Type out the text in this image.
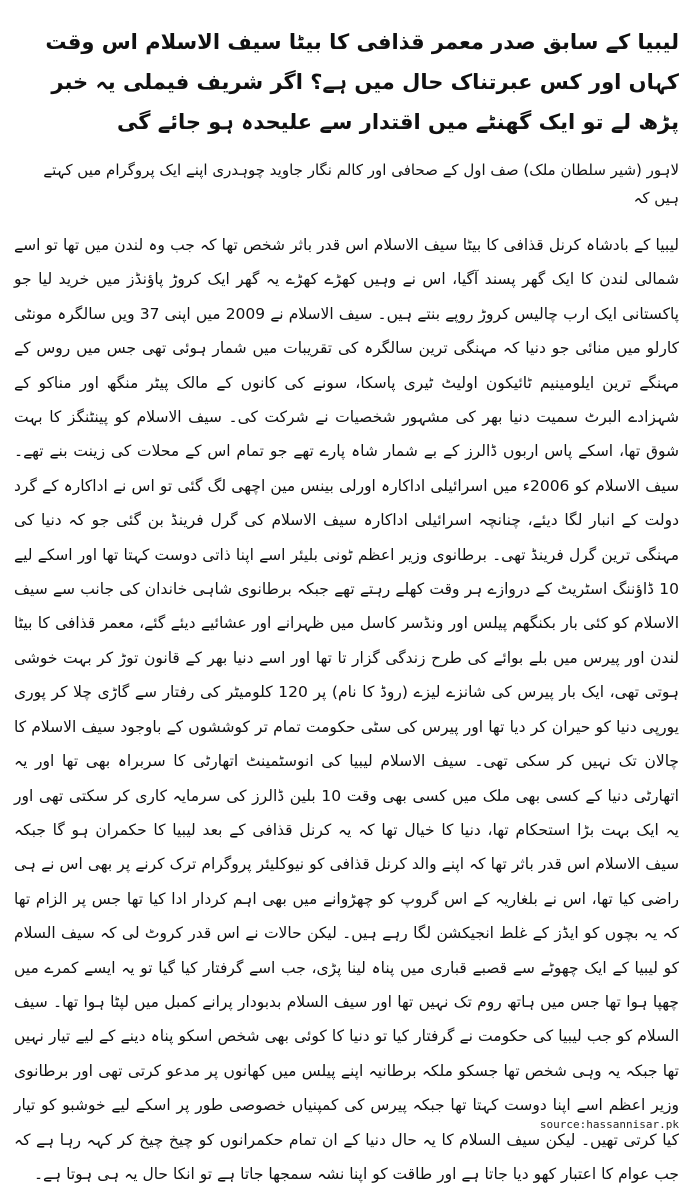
لیبیا کے سابق صدر معمر قذافی کا بیٹا سیف الاسلام اس وقت کہاں اور کس عبرتناک حال میں ہے؟ اگر شریف فیملی یہ خبر پڑھ لے تو ایک گھنٹے میں اقتدار سے علیحدہ ہو جائے گی

لاہور (شیر سلطان ملک) صف اول کے صحافی اور کالم نگار جاوید چوہدری اپنے ایک پروگرام میں کہتے ہیں کہ

لیبیا کے بادشاہ کرنل قذافی کا بیٹا سیف الاسلام اس قدر باثر شخص تھا کہ جب وہ لندن میں تھا تو اسے شمالی لندن کا ایک گھر پسند آگیا، اس نے وہیں کھڑے کھڑے یہ گھر ایک کروڑ پاؤنڈز میں خرید لیا جو پاکستانی ایک ارب چالیس کروڑ روپے بنتے ہیں۔ سیف الاسلام نے 2009 میں اپنی 37 ویں سالگرہ مونٹی کارلو میں منائی جو دنیا کہ مہنگی ترین سالگرہ کی تقریبات میں شمار ہوئی تھی جس میں روس کے مہنگے ترین ایلومینیم ٹائیکون اولیٹ ٹیری پاسکا، سونے کی کانوں کے مالک پیٹر منگھ اور مناکو کے شہزادے البرٹ سمیت دنیا بھر کی مشہور شخصیات نے شرکت کی۔ سیف الاسلام کو پینٹنگز کا بہت شوق تھا، اسکے پاس اربوں ڈالرز کے بے شمار شاہ پارے تھے جو تمام اس کے محلات کی زینت بنے تھے۔ سیف الاسلام کو 2006ء میں اسرائیلی اداکارہ اورلی بینس مین اچھی لگ گئی تو اس نے اداکارہ کے گرد دولت کے انبار لگا دیئے، چنانچہ اسرائیلی اداکارہ سیف الاسلام کی گرل فرینڈ بن گئی جو کہ دنیا کی مہنگی ترین گرل فرینڈ تھی۔ برطانوی وزیر اعظم ٹونی بلیئر اسے اپنا ذاتی دوست کہتا تھا اور اسکے لیے 10 ڈاؤننگ اسٹریٹ کے دروازے ہر وقت کھلے رہتے تھے جبکہ برطانوی شاہی خاندان کی جانب سے سیف الاسلام کو کئی بار بکنگھم پیلس اور ونڈسر کاسل میں ظہرانے اور عشائیے دیئے گئے، معمر قذافی کا بیٹا لندن اور پیرس میں بلے بوائے کی طرح زندگی گزار تا تھا اور اسے دنیا بھر کے قانون توڑ کر بہت خوشی ہوتی تھی، ایک بار پیرس کی شانزے لیزے (روڈ کا نام) پر 120 کلومیٹر کی رفتار سے گاڑی چلا کر پوری یورپی دنیا کو حیران کر دیا تھا اور پیرس کی سٹی حکومت تمام تر کوششوں کے باوجود سیف الاسلام کا چالان تک نہیں کر سکی تھی۔ سیف الاسلام لیبیا کی انوسٹمینٹ اتھارٹی کا سربراہ بھی تھا اور یہ اتھارٹی دنیا کے کسی بھی ملک میں کسی بھی وقت 10 بلین ڈالرز کی سرمایہ کاری کر سکتی تھی اور یہ ایک بہت بڑا استحکام تھا، دنیا کا خیال تھا کہ یہ کرنل قذافی کے بعد لیبیا کا حکمران ہو گا جبکہ سیف الاسلام اس قدر باثر تھا کہ اپنے والد کرنل قذافی کو نیوکلیئر پروگرام ترک کرنے پر بھی اس نے ہی راضی کیا تھا، اس نے بلغاریہ کے اس گروپ کو چھڑوانے میں بھی اہم کردار ادا کیا تھا جس پر الزام تھا کہ یہ بچوں کو ایڈز کے غلط انجیکشن لگا رہے ہیں۔ لیکن حالات نے اس قدر کروٹ لی کہ سیف السلام کو لیبیا کے ایک چھوٹے سے قصبے قباری میں پناہ لینا پڑی، جب اسے گرفتار کیا گیا تو یہ ایسے کمرے میں چھپا ہوا تھا جس میں ہاتھ روم تک نہیں تھا اور سیف السلام بدبودار پرانے کمبل میں لپٹا ہوا تھا۔ سیف السلام کو جب لیبیا کی حکومت نے گرفتار کیا تو دنیا کا کوئی بھی شخص اسکو پناہ دینے کے لیے تیار نہیں تھا جبکہ یہ وہی شخص تھا جسکو ملکہ برطانیہ اپنے پیلس میں کھانوں پر مدعو کرتی تھی اور برطانوی وزیر اعظم اسے اپنا دوست کہتا تھا جبکہ پیرس کی کمپنیاں خصوصی طور پر اسکے لیے خوشبو کو تیار کیا کرتی تھیں۔ لیکن سیف السلام کا یہ حال دنیا کے ان تمام حکمرانوں کو چیخ چیخ کر کہہ رہا ہے کہ جب عوام کا اعتبار کھو دیا جاتا ہے اور طاقت کو اپنا نشہ سمجھا جاتا ہے تو انکا حال یہ ہی ہوتا ہے۔

source:hassannisar.pk
